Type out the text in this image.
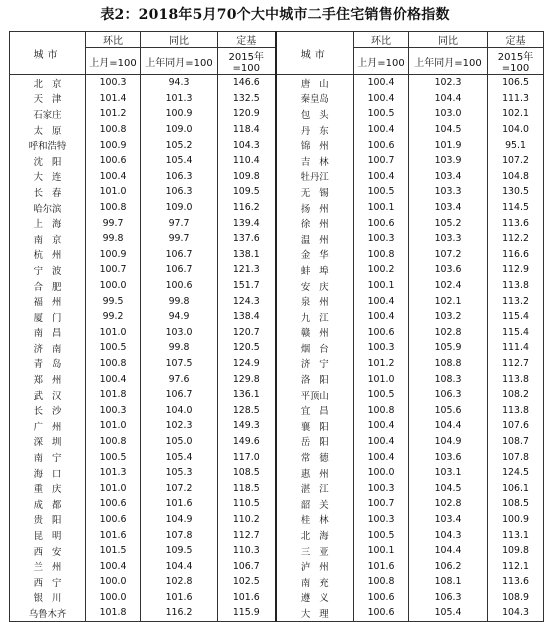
表2：2018年5月70个大中城市二手住宅销售价格指数
城市	环比	同比	定基	城市	环比	同比	定基
	上月=100	上年同月=100	2015年=100		上月=100	上年同月=100	2015年=100
北京	100.3	94.3	146.6	唐山	100.4	102.3	106.5
天津	101.4	101.3	132.5	秦皇岛	100.4	104.4	111.3
石家庄	101.2	100.9	120.9	包头	100.5	103.0	102.1
太原	100.8	109.0	118.4	丹东	100.4	104.5	104.0
呼和浩特	100.9	105.2	104.3	锦州	100.6	101.9	95.1
沈阳	100.6	105.4	110.4	吉林	100.7	103.9	107.2
大连	100.4	106.3	109.8	牡丹江	100.4	103.4	104.8
长春	101.0	106.3	109.5	无锡	100.5	103.3	130.5
哈尔滨	100.8	109.0	116.2	扬州	100.1	103.4	114.5
上海	99.7	97.7	139.4	徐州	100.6	105.2	113.6
南京	99.8	99.7	137.6	温州	100.3	103.3	112.2
杭州	100.9	106.7	138.1	金华	100.8	107.2	116.6
宁波	100.7	106.7	121.3	蚌埠	100.2	103.6	112.9
合肥	100.0	100.6	151.7	安庆	100.1	102.4	113.8
福州	99.5	99.8	124.3	泉州	100.4	102.1	113.2
厦门	99.2	94.9	138.4	九江	100.4	103.2	115.4
南昌	101.0	103.0	120.7	赣州	100.6	102.8	115.4
济南	100.5	99.8	120.5	烟台	100.3	105.9	111.4
青岛	100.8	107.5	124.9	济宁	101.2	108.8	112.7
郑州	100.4	97.6	129.8	洛阳	101.0	108.3	113.8
武汉	101.8	106.7	136.1	平顶山	100.5	106.3	108.2
长沙	100.3	104.0	128.5	宜昌	100.8	105.6	113.8
广州	101.0	102.3	149.3	襄阳	100.4	104.4	107.6
深圳	100.8	105.0	149.6	岳阳	100.4	104.9	108.7
南宁	100.5	105.4	117.0	常德	100.4	103.6	107.8
海口	101.3	105.3	108.5	惠州	100.0	103.1	124.5
重庆	101.0	107.2	118.5	湛江	100.3	104.5	106.1
成都	100.6	101.6	110.5	韶关	100.7	102.8	108.5
贵阳	100.6	104.9	110.2	桂林	100.3	103.4	100.9
昆明	101.6	107.8	112.7	北海	100.5	104.3	113.1
西安	101.5	109.5	110.3	三亚	100.1	104.4	109.8
兰州	100.4	104.4	106.7	泸州	101.6	106.2	112.1
西宁	100.0	102.8	102.5	南充	100.8	108.1	113.6
银川	100.0	101.6	101.6	遵义	100.6	106.3	108.9
乌鲁木齐	101.8	116.2	115.9	大理	100.6	105.4	104.3
